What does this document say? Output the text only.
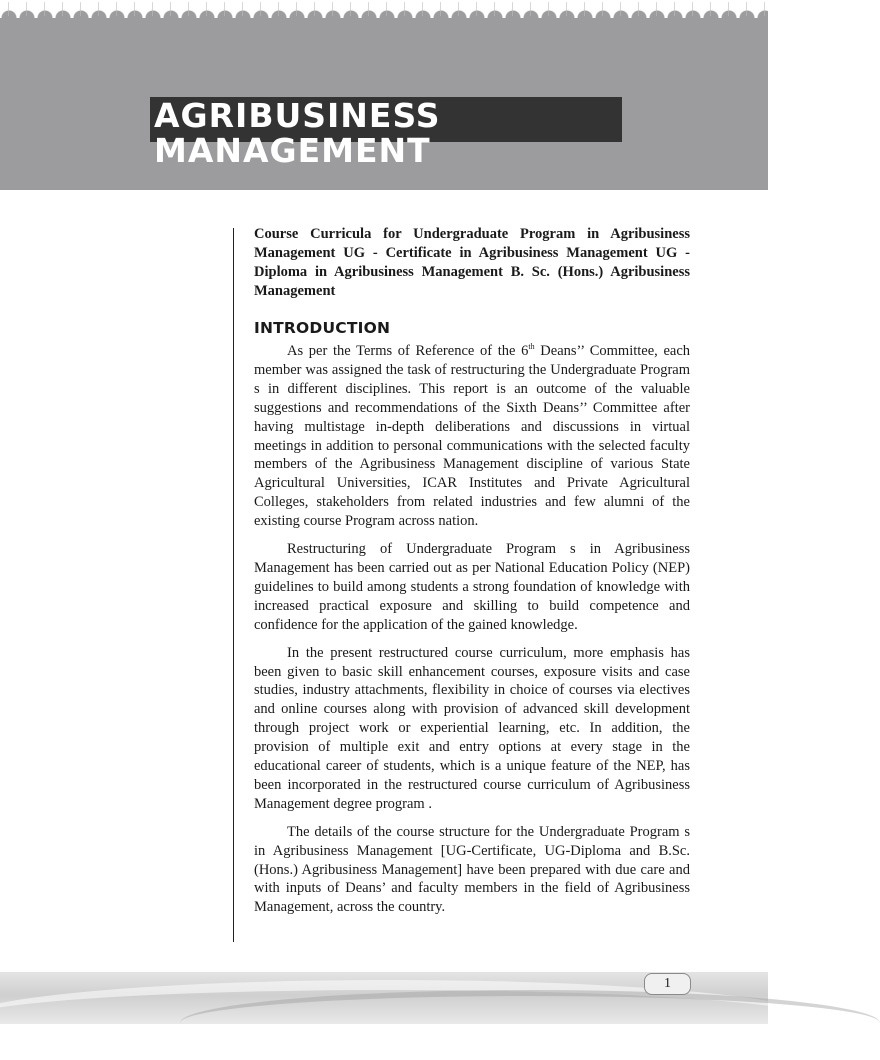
AGRIBUSINESS
MANAGEMENT

Course Curricula for Undergraduate Program in Agribusiness Management UG - Certificate in Agribusiness Management UG - Diploma in Agribusiness Management B. Sc. (Hons.) Agribusiness Management

INTRODUCTION

As per the Terms of Reference of the 6th Deans’’ Committee, each member was assigned the task of restructuring the Undergraduate Program s in different disciplines. This report is an outcome of the valuable suggestions and recommendations of the Sixth Deans’’ Committee after having multistage in-depth deliberations and discussions in virtual meetings in addition to personal communications with the selected faculty members of the Agribusiness Management discipline of various State Agricultural Universities, ICAR Institutes and Private Agricultural Colleges, stakeholders from related industries and few alumni of the existing course Program across nation.

Restructuring of Undergraduate Program s in Agribusiness Management has been carried out as per National Education Policy (NEP) guidelines to build among students a strong foundation of knowledge with increased practical exposure and skilling to build competence and confidence for the application of the gained knowledge.

In the present restructured course curriculum, more emphasis has been given to basic skill enhancement courses, exposure visits and case studies, industry attachments, flexibility in choice of courses via electives and online courses along with provision of advanced skill development through project work or experiential learning, etc. In addition, the provision of multiple exit and entry options at every stage in the educational career of students, which is a unique feature of the NEP, has been incorporated in the restructured course curriculum of Agribusiness Management degree program .

The details of the course structure for the Undergraduate Program s in Agribusiness Management [UG-Certificate, UG-Diploma and B.Sc. (Hons.) Agribusiness Management] have been prepared with due care and with inputs of Deans’ and faculty members in the field of Agribusiness Management, across the country.

1
